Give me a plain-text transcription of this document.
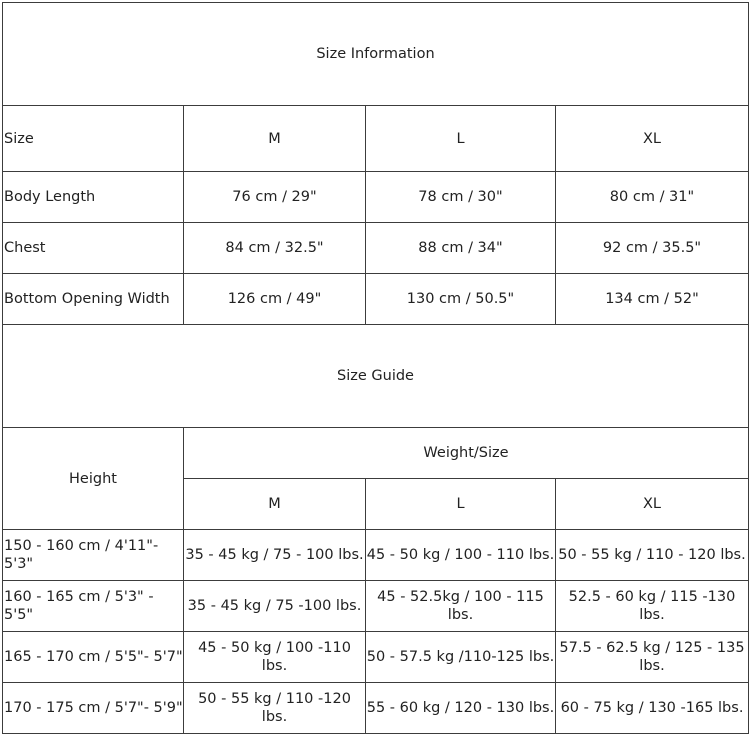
Size Information			
Size	M	L	XL
Body Length	76 cm / 29"	78 cm / 30"	80 cm / 31"
Chest	84 cm / 32.5"	88 cm / 34"	92 cm / 35.5"
Bottom Opening Width	126 cm / 49"	130 cm / 50.5"	134 cm / 52"
Size Guide			
Height	Weight/Size		
	M	L	XL
150 - 160 cm / 4'11"- 5'3"	35 - 45 kg / 75 - 100 lbs.	45 - 50 kg / 100 - 110 lbs.	50 - 55 kg / 110 - 120 lbs.
160 - 165 cm / 5'3" - 5'5"	35 - 45 kg / 75 -100 lbs.	45 - 52.5kg / 100 - 115 lbs.	52.5 - 60 kg / 115 -130 lbs.
165 - 170 cm / 5'5"- 5'7"	45 - 50 kg / 100 -110 lbs.	50 - 57.5 kg /110-125 lbs.	57.5 - 62.5 kg / 125 - 135 lbs.
170 - 175 cm / 5'7"- 5'9"	50 - 55 kg / 110 -120 lbs.	55 - 60 kg / 120 - 130 lbs.	60 - 75 kg / 130 -165 lbs.
